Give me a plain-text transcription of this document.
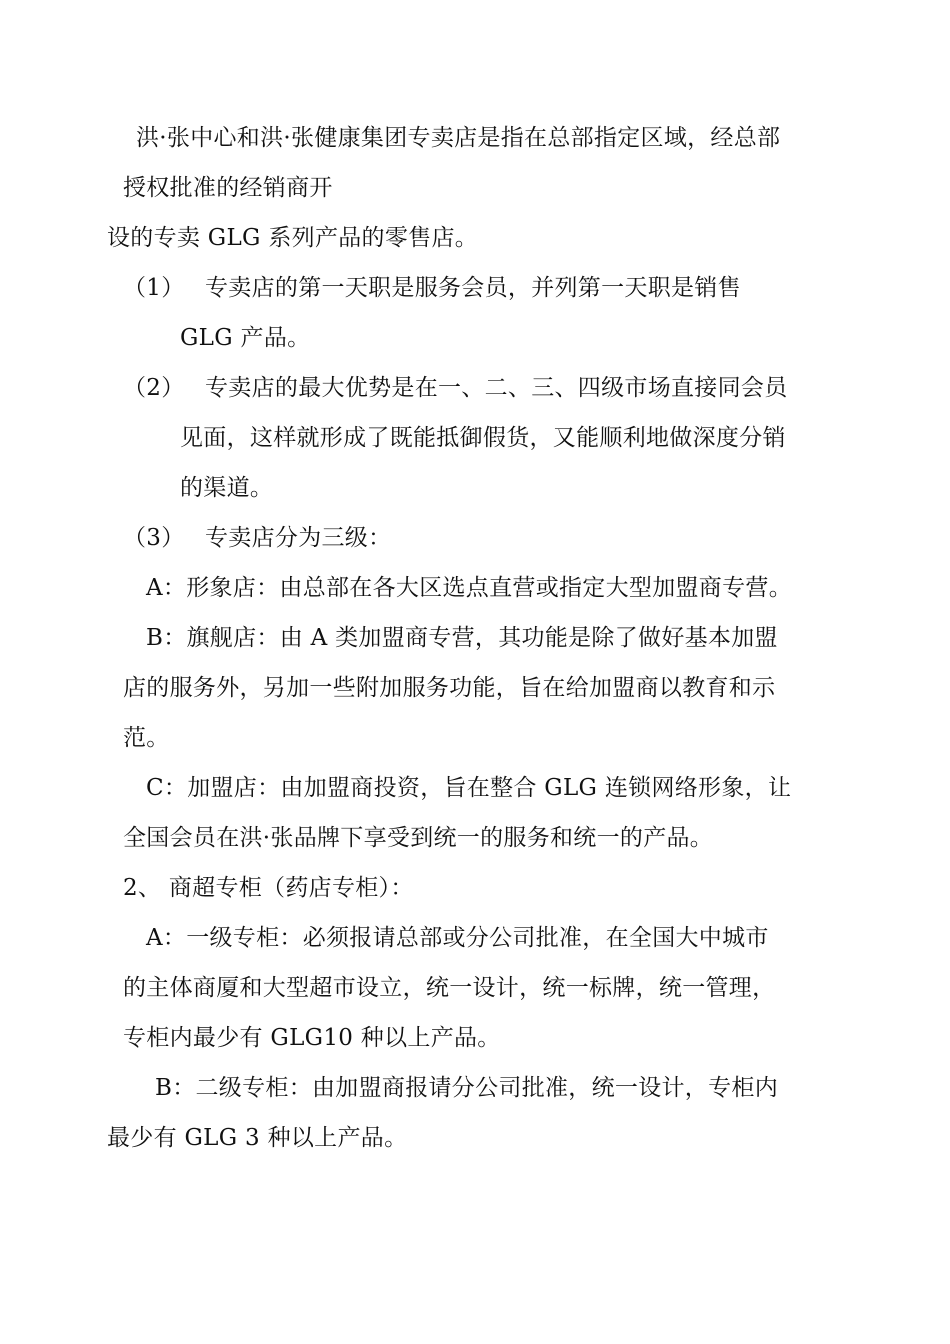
洪·张中心和洪·张健康集团专卖店是指在总部指定区域，经总部
授权批准的经销商开
设的专卖 GLG 系列产品的零售店。
（1） 专卖店的第一天职是服务会员，并列第一天职是销售
GLG 产品。
（2） 专卖店的最大优势是在一、二、三、四级市场直接同会员
见面，这样就形成了既能抵御假货，又能顺利地做深度分销
的渠道。
（3） 专卖店分为三级：
A：形象店：由总部在各大区选点直营或指定大型加盟商专营。
B：旗舰店：由 A 类加盟商专营，其功能是除了做好基本加盟
店的服务外，另加一些附加服务功能，旨在给加盟商以教育和示
范。
C：加盟店：由加盟商投资，旨在整合 GLG 连锁网络形象，让
全国会员在洪·张品牌下享受到统一的服务和统一的产品。
2、 商超专柜（药店专柜）：
A：一级专柜：必须报请总部或分公司批准，在全国大中城市
的主体商厦和大型超市设立，统一设计，统一标牌，统一管理，
专柜内最少有 GLG10 种以上产品。
B：二级专柜：由加盟商报请分公司批准，统一设计，专柜内
最少有 GLG 3 种以上产品。
